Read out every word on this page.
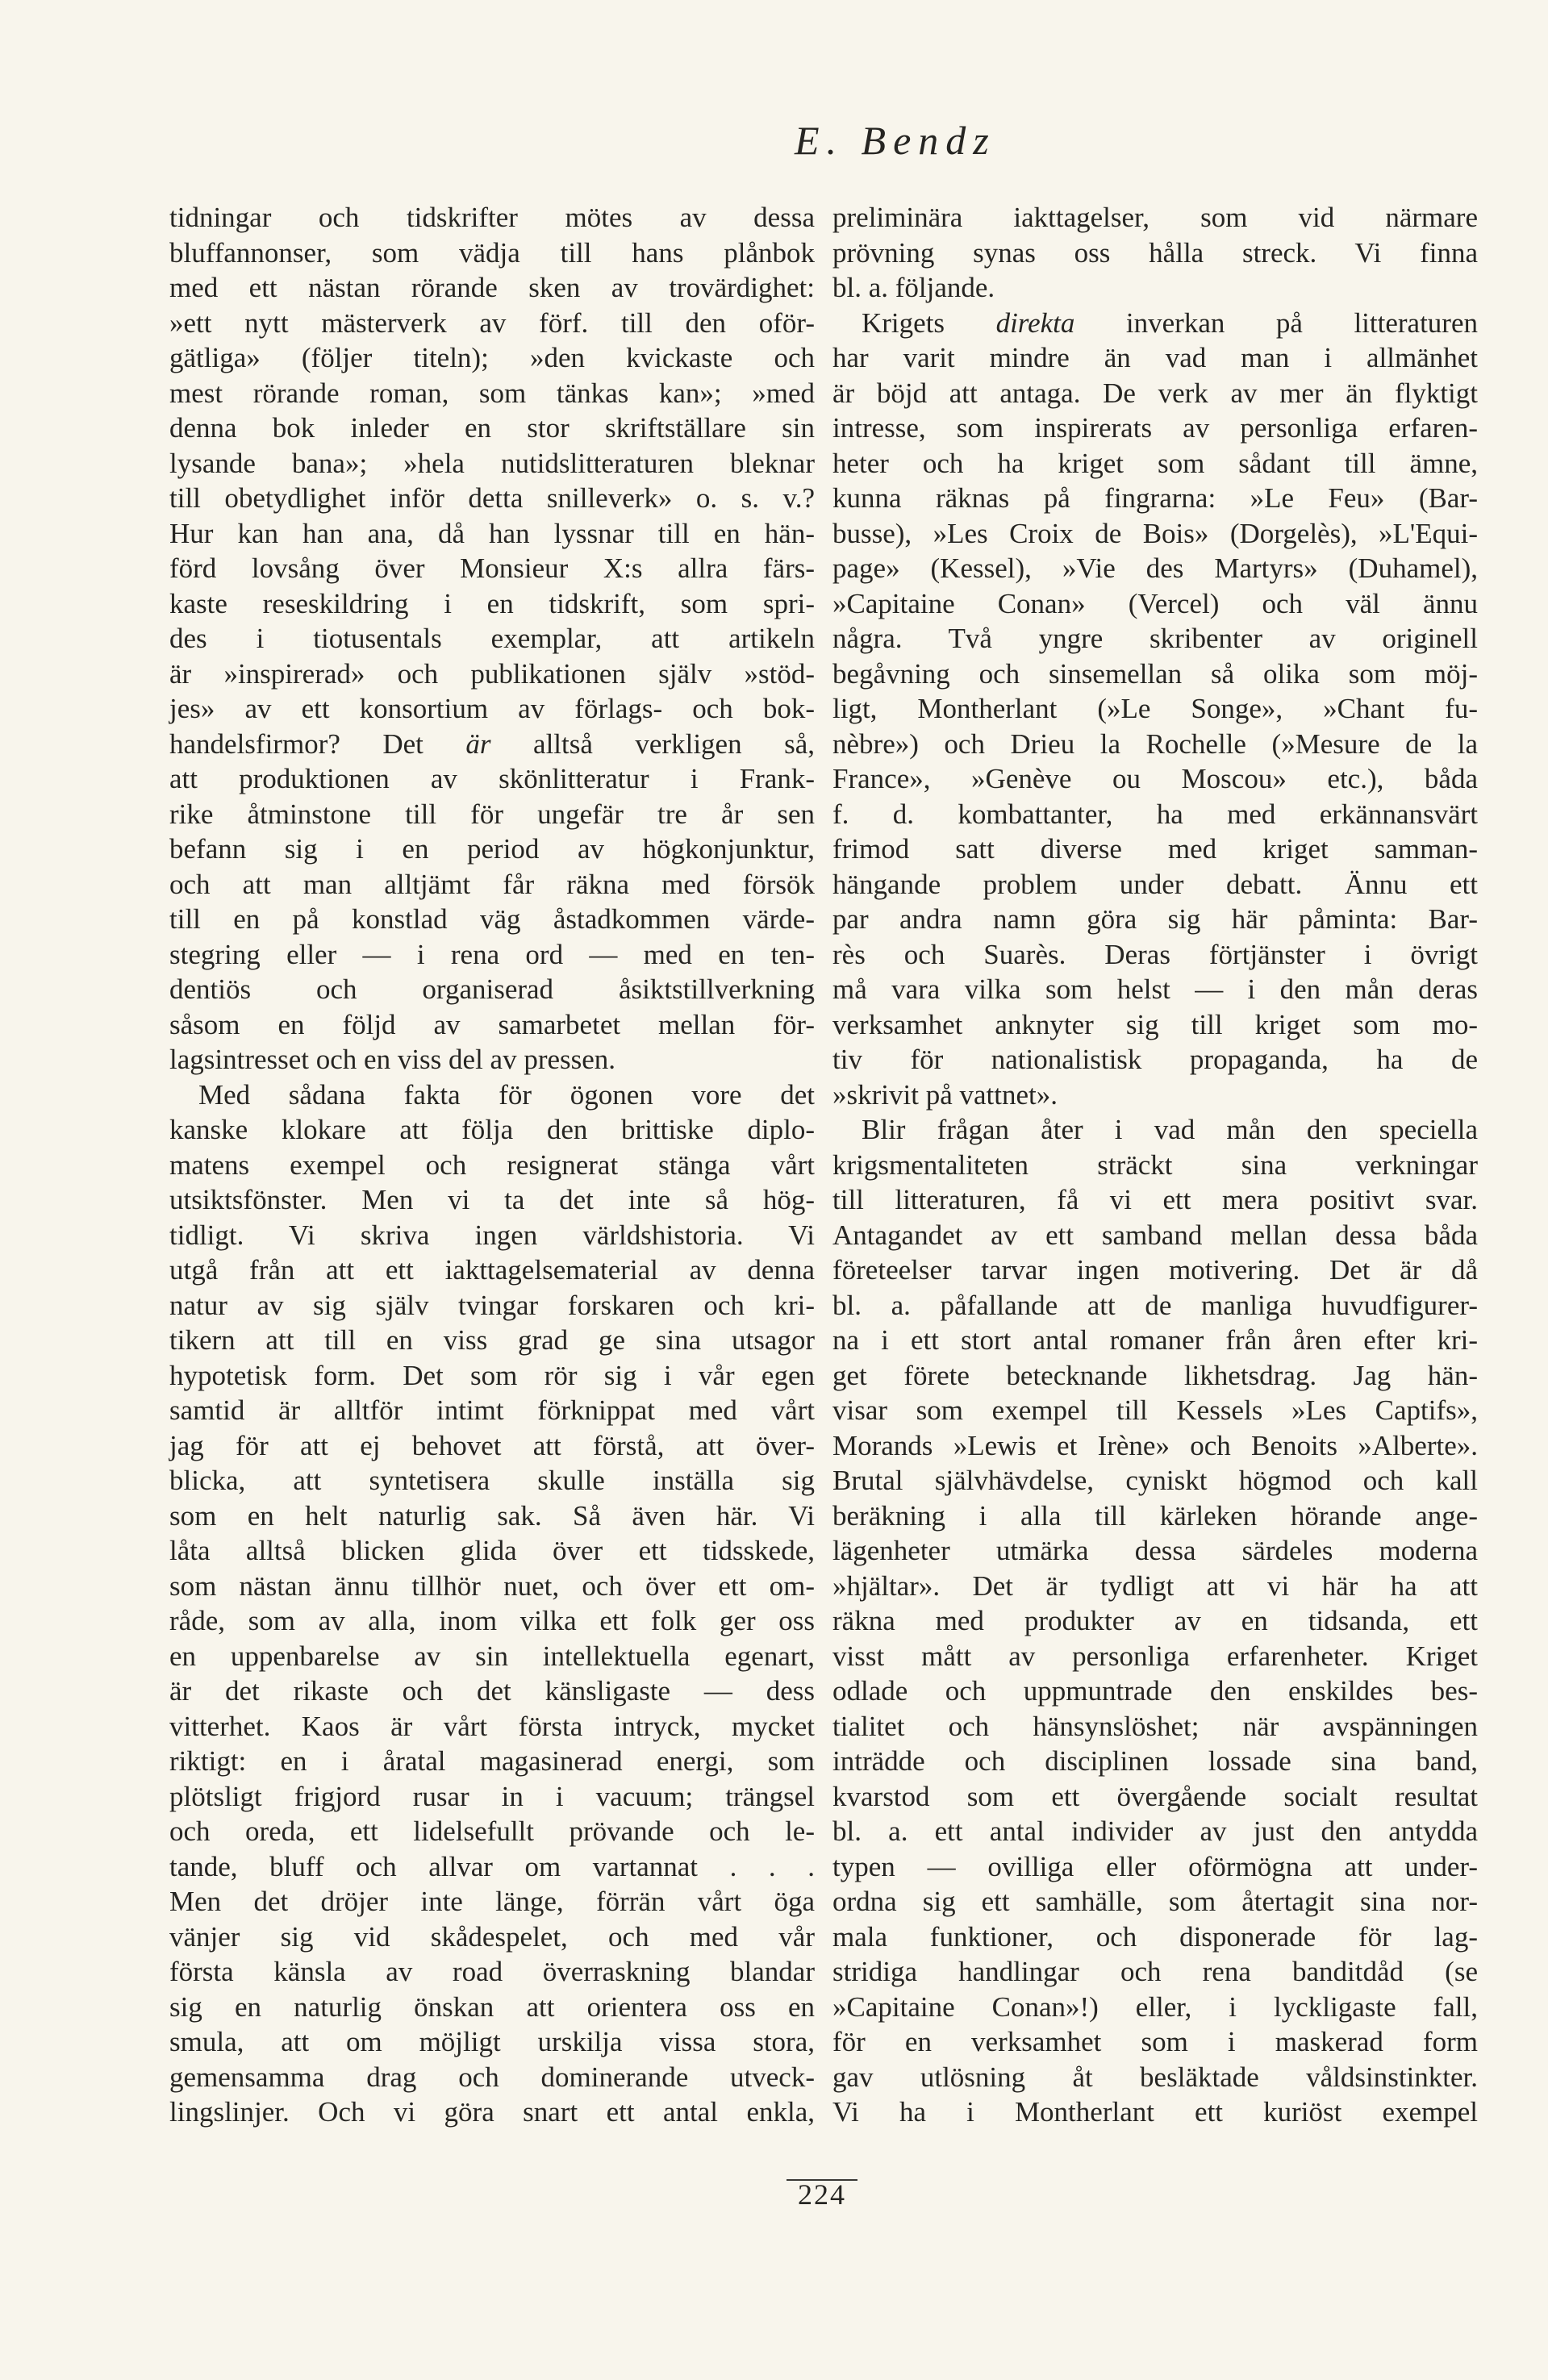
E. Bendz
tidningar och tidskrifter mötes av dessa
bluffannonser, som vädja till hans plånbok
med ett nästan rörande sken av trovärdighet:
»ett nytt mästerverk av förf. till den oför-
gätliga» (följer titeln); »den kvickaste och
mest rörande roman, som tänkas kan»; »med
denna bok inleder en stor skriftställare sin
lysande bana»; »hela nutidslitteraturen bleknar
till obetydlighet inför detta snilleverk» o. s. v.?
Hur kan han ana, då han lyssnar till en hän-
förd lovsång över Monsieur X:s allra färs-
kaste reseskildring i en tidskrift, som spri-
des i tiotusentals exemplar, att artikeln
är »inspirerad» och publikationen själv »stöd-
jes» av ett konsortium av förlags- och bok-
handelsfirmor? Det är alltså verkligen så,
att produktionen av skönlitteratur i Frank-
rike åtminstone till för ungefär tre år sen
befann sig i en period av högkonjunktur,
och att man alltjämt får räkna med försök
till en på konstlad väg åstadkommen värde-
stegring eller — i rena ord — med en ten-
dentiös och organiserad åsiktstillverkning
såsom en följd av samarbetet mellan för-
lagsintresset och en viss del av pressen.
Med sådana fakta för ögonen vore det
kanske klokare att följa den brittiske diplo-
matens exempel och resignerat stänga vårt
utsiktsfönster. Men vi ta det inte så hög-
tidligt. Vi skriva ingen världshistoria. Vi
utgå från att ett iakttagelsematerial av denna
natur av sig själv tvingar forskaren och kri-
tikern att till en viss grad ge sina utsagor
hypotetisk form. Det som rör sig i vår egen
samtid är alltför intimt förknippat med vårt
jag för att ej behovet att förstå, att över-
blicka, att syntetisera skulle inställa sig
som en helt naturlig sak. Så även här. Vi
låta alltså blicken glida över ett tidsskede,
som nästan ännu tillhör nuet, och över ett om-
råde, som av alla, inom vilka ett folk ger oss
en uppenbarelse av sin intellektuella egenart,
är det rikaste och det känsligaste — dess
vitterhet. Kaos är vårt första intryck, mycket
riktigt: en i åratal magasinerad energi, som
plötsligt frigjord rusar in i vacuum; trängsel
och oreda, ett lidelsefullt prövande och le-
tande, bluff och allvar om vartannat . . .
Men det dröjer inte länge, förrän vårt öga
vänjer sig vid skådespelet, och med vår
första känsla av road överraskning blandar
sig en naturlig önskan att orientera oss en
smula, att om möjligt urskilja vissa stora,
gemensamma drag och dominerande utveck-
lingslinjer. Och vi göra snart ett antal enkla,
preliminära iakttagelser, som vid närmare
prövning synas oss hålla streck. Vi finna
bl. a. följande.
Krigets direkta inverkan på litteraturen
har varit mindre än vad man i allmänhet
är böjd att antaga. De verk av mer än flyktigt
intresse, som inspirerats av personliga erfaren-
heter och ha kriget som sådant till ämne,
kunna räknas på fingrarna: »Le Feu» (Bar-
busse), »Les Croix de Bois» (Dorgelès), »L'Equi-
page» (Kessel), »Vie des Martyrs» (Duhamel),
»Capitaine Conan» (Vercel) och väl ännu
några. Två yngre skribenter av originell
begåvning och sinsemellan så olika som möj-
ligt, Montherlant (»Le Songe», »Chant fu-
nèbre») och Drieu la Rochelle (»Mesure de la
France», »Genève ou Moscou» etc.), båda
f. d. kombattanter, ha med erkännansvärt
frimod satt diverse med kriget samman-
hängande problem under debatt. Ännu ett
par andra namn göra sig här påminta: Bar-
rès och Suarès. Deras förtjänster i övrigt
må vara vilka som helst — i den mån deras
verksamhet anknyter sig till kriget som mo-
tiv för nationalistisk propaganda, ha de
»skrivit på vattnet».
Blir frågan åter i vad mån den speciella
krigsmentaliteten sträckt sina verkningar
till litteraturen, få vi ett mera positivt svar.
Antagandet av ett samband mellan dessa båda
företeelser tarvar ingen motivering. Det är då
bl. a. påfallande att de manliga huvudfigurer-
na i ett stort antal romaner från åren efter kri-
get förete betecknande likhetsdrag. Jag hän-
visar som exempel till Kessels »Les Captifs»,
Morands »Lewis et Irène» och Benoits »Alberte».
Brutal självhävdelse, cyniskt högmod och kall
beräkning i alla till kärleken hörande ange-
lägenheter utmärka dessa särdeles moderna
»hjältar». Det är tydligt att vi här ha att
räkna med produkter av en tidsanda, ett
visst mått av personliga erfarenheter. Kriget
odlade och uppmuntrade den enskildes bes-
tialitet och hänsynslöshet; när avspänningen
inträdde och disciplinen lossade sina band,
kvarstod som ett övergående socialt resultat
bl. a. ett antal individer av just den antydda
typen — ovilliga eller oförmögna att under-
ordna sig ett samhälle, som återtagit sina nor-
mala funktioner, och disponerade för lag-
stridiga handlingar och rena banditdåd (se
»Capitaine Conan»!) eller, i lyckligaste fall,
för en verksamhet som i maskerad form
gav utlösning åt besläktade våldsinstinkter.
Vi ha i Montherlant ett kuriöst exempel
224
